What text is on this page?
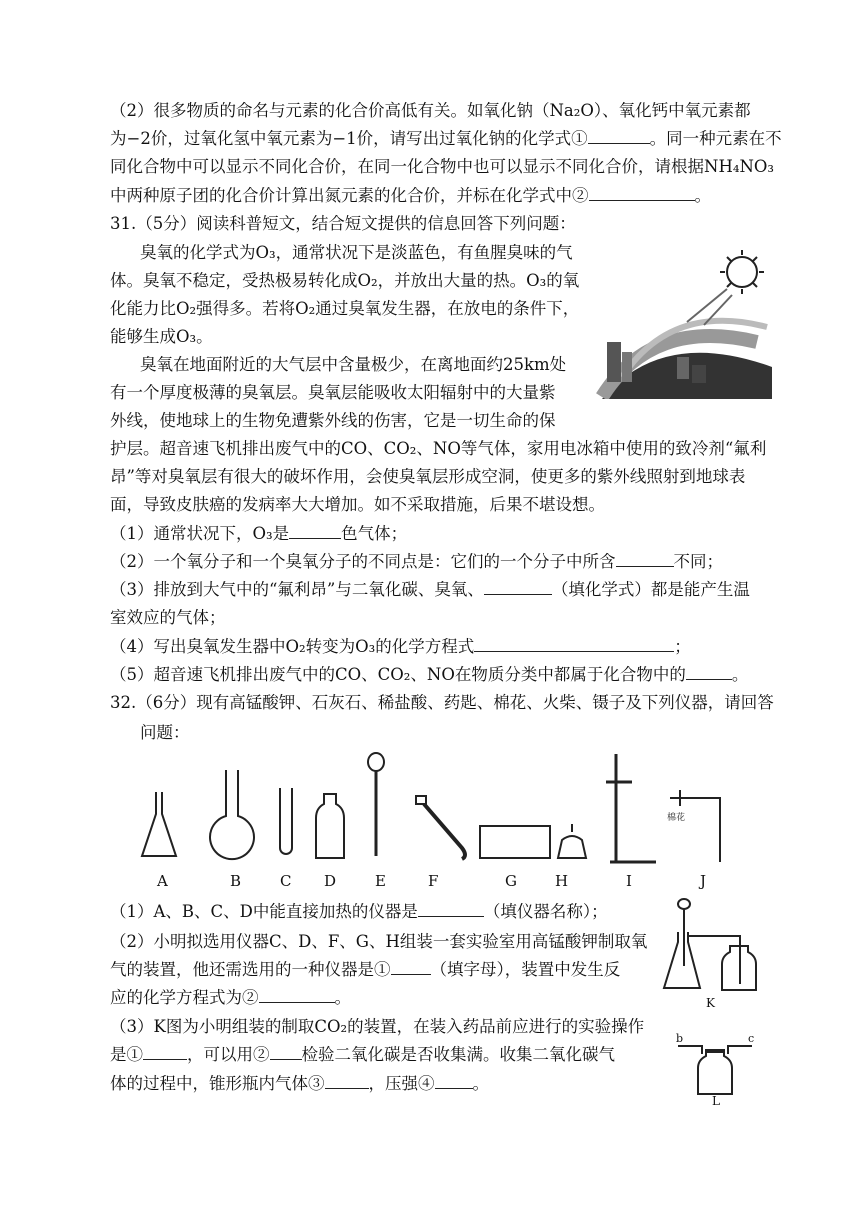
（2）很多物质的命名与元素的化合价高低有关。如氧化钠（Na₂O）、氧化钙中氧元素都
为−2价，过氧化氢中氧元素为−1价，请写出过氧化钠的化学式①	。同一种元素在不
同化合物中可以显示不同化合价，在同一化合物中也可以显示不同化合价，请根据NH₄NO₃
中两种原子团的化合价计算出氮元素的化合价，并标在化学式中②	。
31.（5分）阅读科普短文，结合短文提供的信息回答下列问题：
臭氧的化学式为O₃，通常状况下是淡蓝色，有鱼腥臭味的气
体。臭氧不稳定，受热极易转化成O₂，并放出大量的热。O₃的氧
化能力比O₂强得多。若将O₂通过臭氧发生器，在放电的条件下，
能够生成O₃。
臭氧在地面附近的大气层中含量极少，在离地面约25km处
有一个厚度极薄的臭氧层。臭氧层能吸收太阳辐射中的大量紫
外线，使地球上的生物免遭紫外线的伤害，它是一切生命的保
护层。超音速飞机排出废气中的CO、CO₂、NO等气体，家用电冰箱中使用的致冷剂“氟利
昂”等对臭氧层有很大的破坏作用，会使臭氧层形成空洞，使更多的紫外线照射到地球表
面，导致皮肤癌的发病率大大增加。如不采取措施，后果不堪设想。
（1）通常状况下，O₃是	色气体；
（2）一个氧分子和一个臭氧分子的不同点是：它们的一个分子中所含	不同；
（3）排放到大气中的“氟利昂”与二氧化碳、臭氧、	（填化学式）都是能产生温
室效应的气体；
（4）写出臭氧发生器中O₂转变为O₃的化学方程式	；
（5）超音速飞机排出废气中的CO、CO₂、NO在物质分类中都属于化合物中的	。
32.（6分）现有高锰酸钾、石灰石、稀盐酸、药匙、棉花、火柴、镊子及下列仪器，请回答
问题：
棉花
A	B	C D	E	F	G	H	I	J
K
b	c
L
（1）A、B、C、D中能直接加热的仪器是	（填仪器名称）；
（2）小明拟选用仪器C、D、F、G、H组装一套实验室用高锰酸钾制取氧
气的装置，他还需选用的一种仪器是① （填字母），装置中发生反
应的化学方程式为②	。
（3）K图为小明组装的制取CO₂的装置，在装入药品前应进行的实验操作
是①	，可以用② 检验二氧化碳是否收集满。收集二氧化碳气
体的过程中，锥形瓶内气体③	，压强④ 。
